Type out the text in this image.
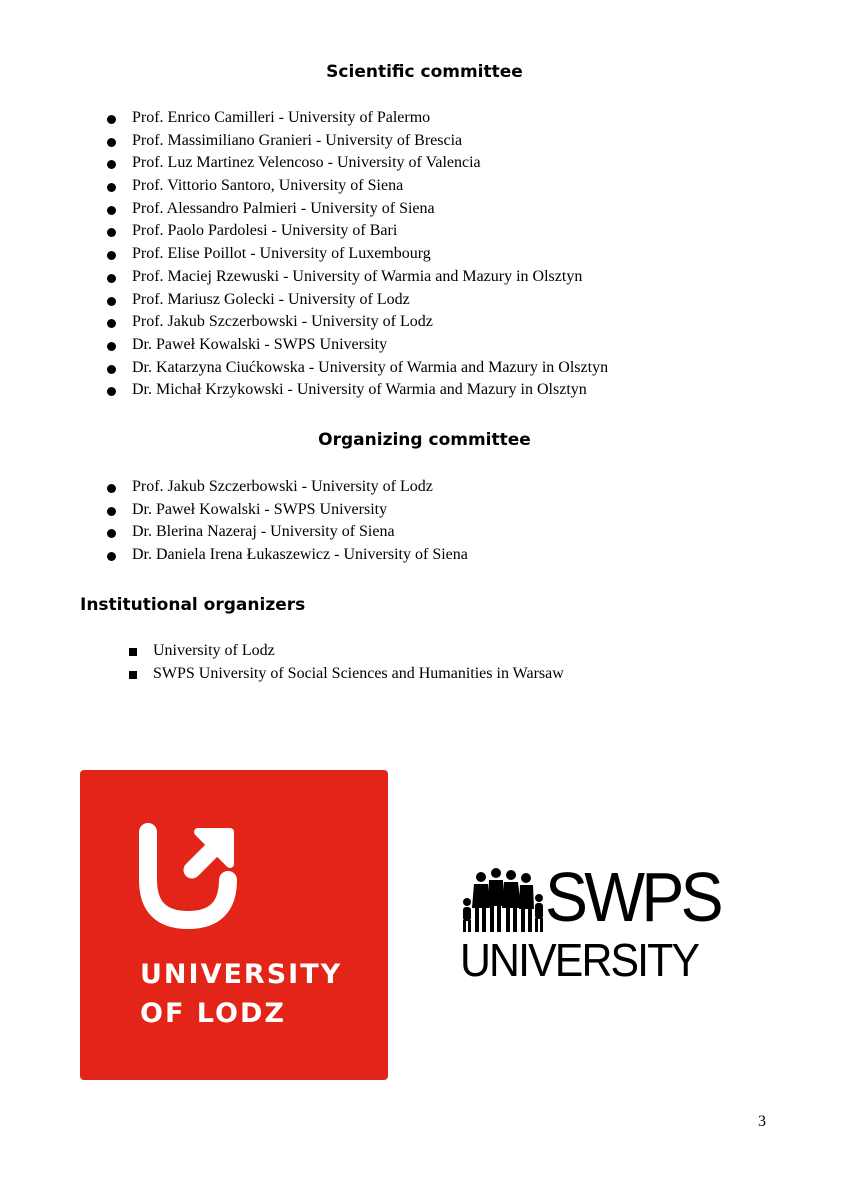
Scientific committee
Prof. Enrico Camilleri - University of Palermo
Prof. Massimiliano Granieri - University of Brescia
Prof. Luz Martinez Velencoso - University of Valencia
Prof. Vittorio Santoro, University of Siena
Prof. Alessandro Palmieri - University of Siena
Prof. Paolo Pardolesi - University of Bari
Prof. Elise Poillot - University of Luxembourg
Prof. Maciej Rzewuski - University of Warmia and Mazury in Olsztyn
Prof. Mariusz Golecki - University of Lodz
Prof. Jakub Szczerbowski - University of Lodz
Dr. Paweł Kowalski - SWPS University
Dr. Katarzyna Ciućkowska - University of Warmia and Mazury in Olsztyn
Dr. Michał Krzykowski - University of Warmia and Mazury in Olsztyn
Organizing committee
Prof. Jakub Szczerbowski - University of Lodz
Dr. Paweł Kowalski - SWPS University
Dr. Blerina Nazeraj - University of Siena
Dr. Daniela Irena Łukaszewicz - University of Siena
Institutional organizers
University of Lodz
SWPS University of Social Sciences and Humanities in Warsaw
UNIVERSITY
OF LODZ
SWPS
UNIVERSITY
3
